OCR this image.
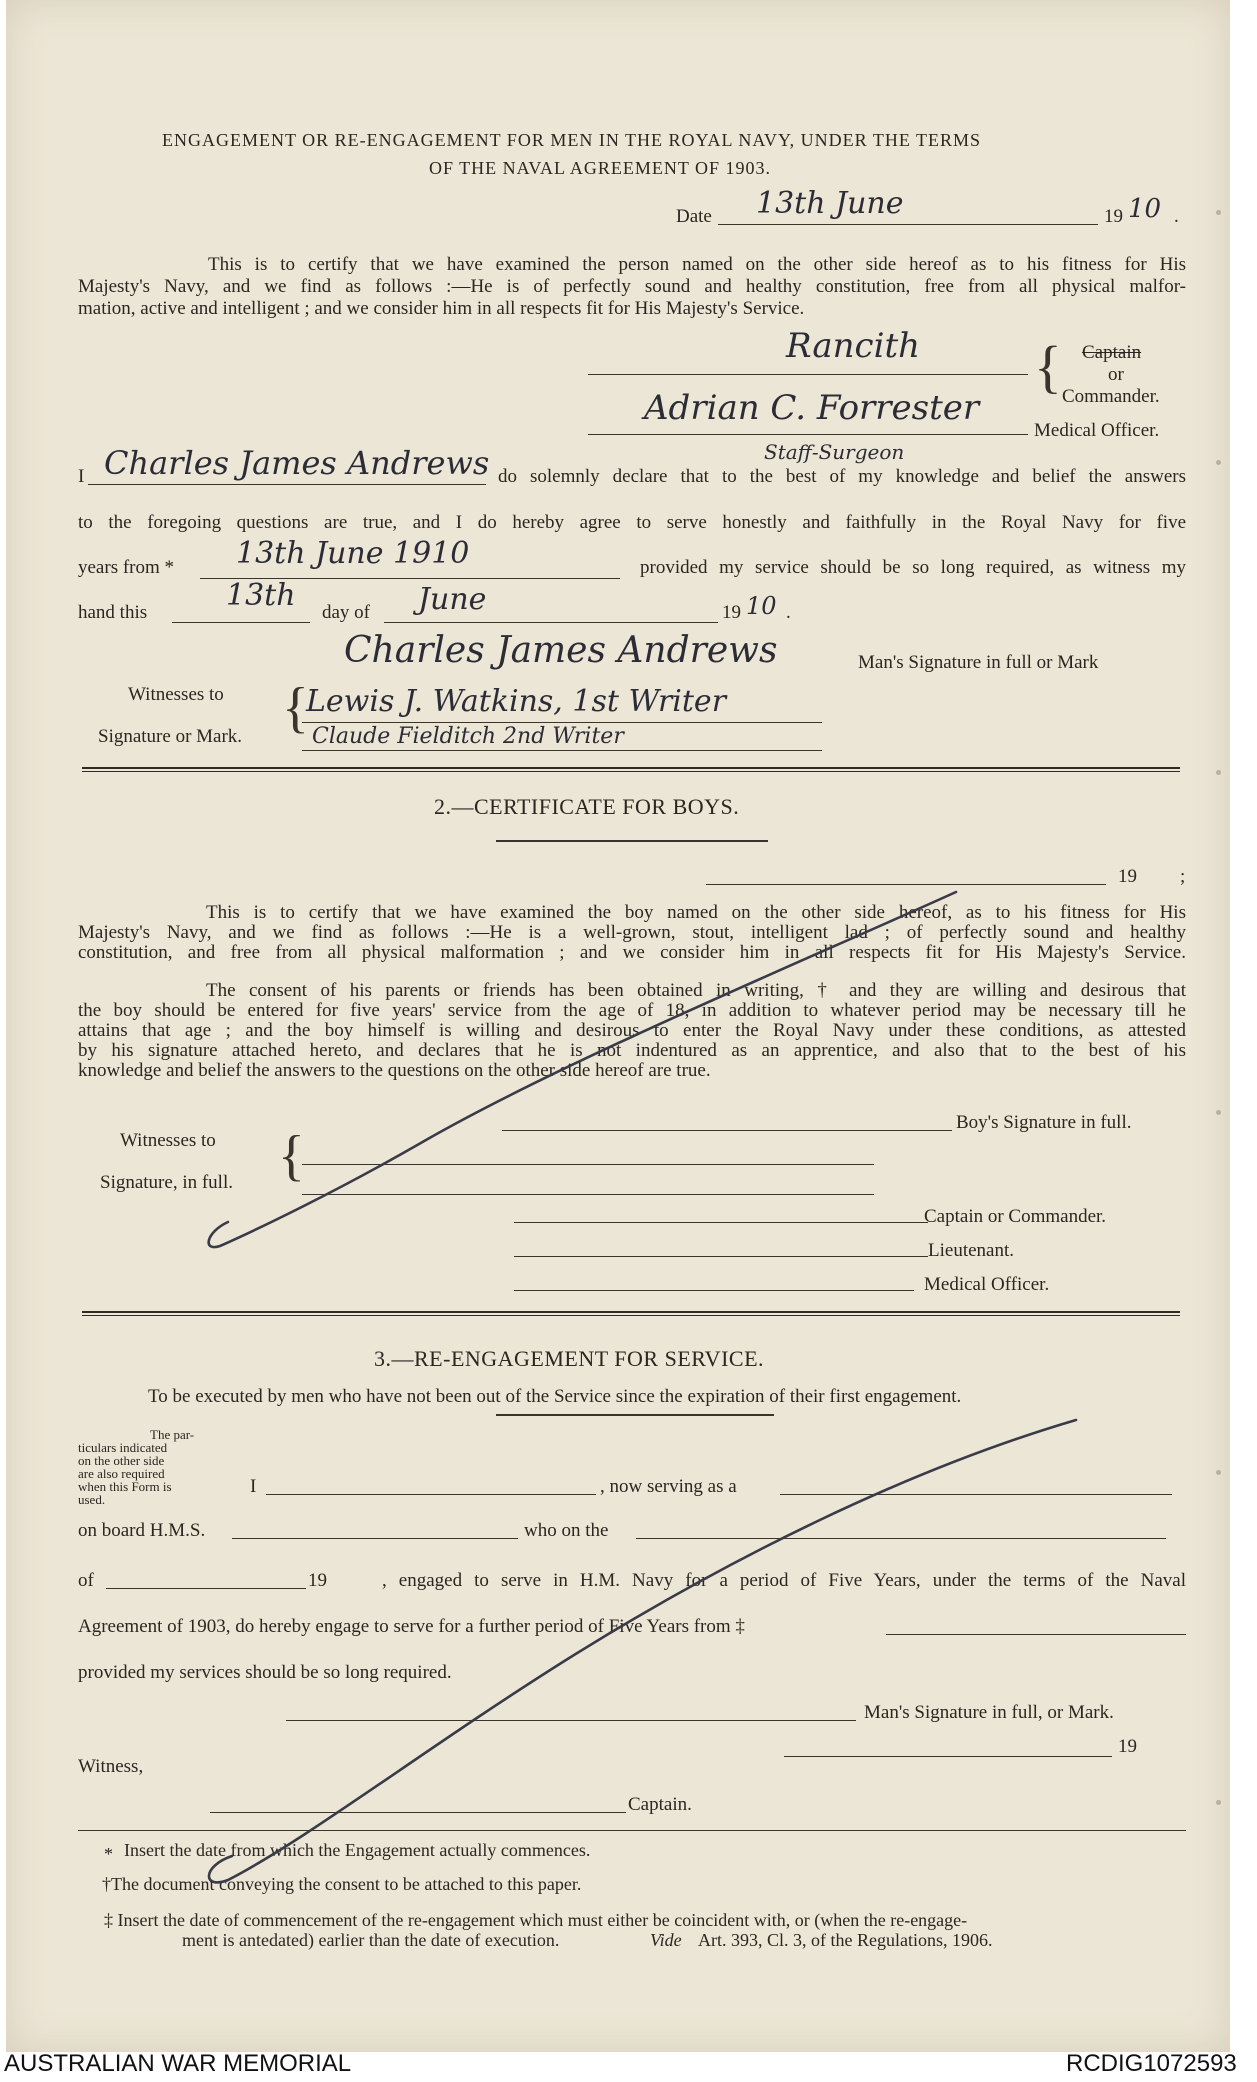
ENGAGEMENT OR RE-ENGAGEMENT FOR MEN IN THE ROYAL NAVY, UNDER THE TERMS
OF THE NAVAL AGREEMENT OF 1903.
Date 13th June	19 10 .
This is to certify that we have examined the person named on the other side hereof as to his fitness for His
Majesty's Navy, and we find as follows :—He is of perfectly sound and healthy constitution, free from all physical malfor-
mation, active and intelligent ; and we consider him in all respects fit for His Majesty's Service.
Rancith { Captain
or
Commander.
Adrian C. Forrester
Medical Officer.
Staff-Surgeon
I Charles James Andrews do solemnly declare that to the best of my knowledge and belief the answers
to the foregoing questions are true, and I do hereby agree to serve honestly and faithfully in the Royal Navy for five
years from * 13th June 1910	provided my service should be so long required, as witness my
hand this	13th day of June	19 10 .
Charles James Andrews	Man's Signature in full or Mark
Witnesses to
Signature or Mark. {
Lewis J. Watkins, 1st Writer
Claude Fielditch 2nd Writer
2.—CERTIFICATE FOR BOYS.
19 ;
This is to certify that we have examined the boy named on the other side hereof, as to his fitness for His
Majesty's Navy, and we find as follows :—He is a well-grown, stout, intelligent lad ; of perfectly sound and healthy
constitution, and free from all physical malformation ; and we consider him in all respects fit for His Majesty's Service.
The consent of his parents or friends has been obtained in writing, † and they are willing and desirous that
the boy should be entered for five years' service from the age of 18, in addition to whatever period may be necessary till he
attains that age ; and the boy himself is willing and desirous to enter the Royal Navy under these conditions, as attested
by his signature attached hereto, and declares that he is not indentured as an apprentice, and also that to the best of his
knowledge and belief the answers to the questions on the other side hereof are true.
Boy's Signature in full.
Witnesses to
Signature, in full. {
Captain or Commander.
Lieutenant.
Medical Officer.
3.—RE-ENGAGEMENT FOR SERVICE.
To be executed by men who have not been out of the Service since the expiration of their first engagement.
The par-
ticulars indicated
on the other side
are also required
when this Form is
used.
I	, now serving as a
on board H.M.S.	who on the
of	19	, engaged to serve in H.M. Navy for a period of Five Years, under the terms of the Naval
Agreement of 1903, do hereby engage to serve for a further period of Five Years from ‡
provided my services should be so long required.
Man's Signature in full, or Mark.
19
Witness,
Captain.
* Insert the date from which the Engagement actually commences.
†The document conveying the consent to be attached to this paper.
‡ Insert the date of commencement of the re-engagement which must either be coincident with, or (when the re-engage-
ment is antedated) earlier than the date of execution.	Vide Art. 393, Cl. 3, of the Regulations, 1906.
AUSTRALIAN WAR MEMORIAL	RCDIG1072593
